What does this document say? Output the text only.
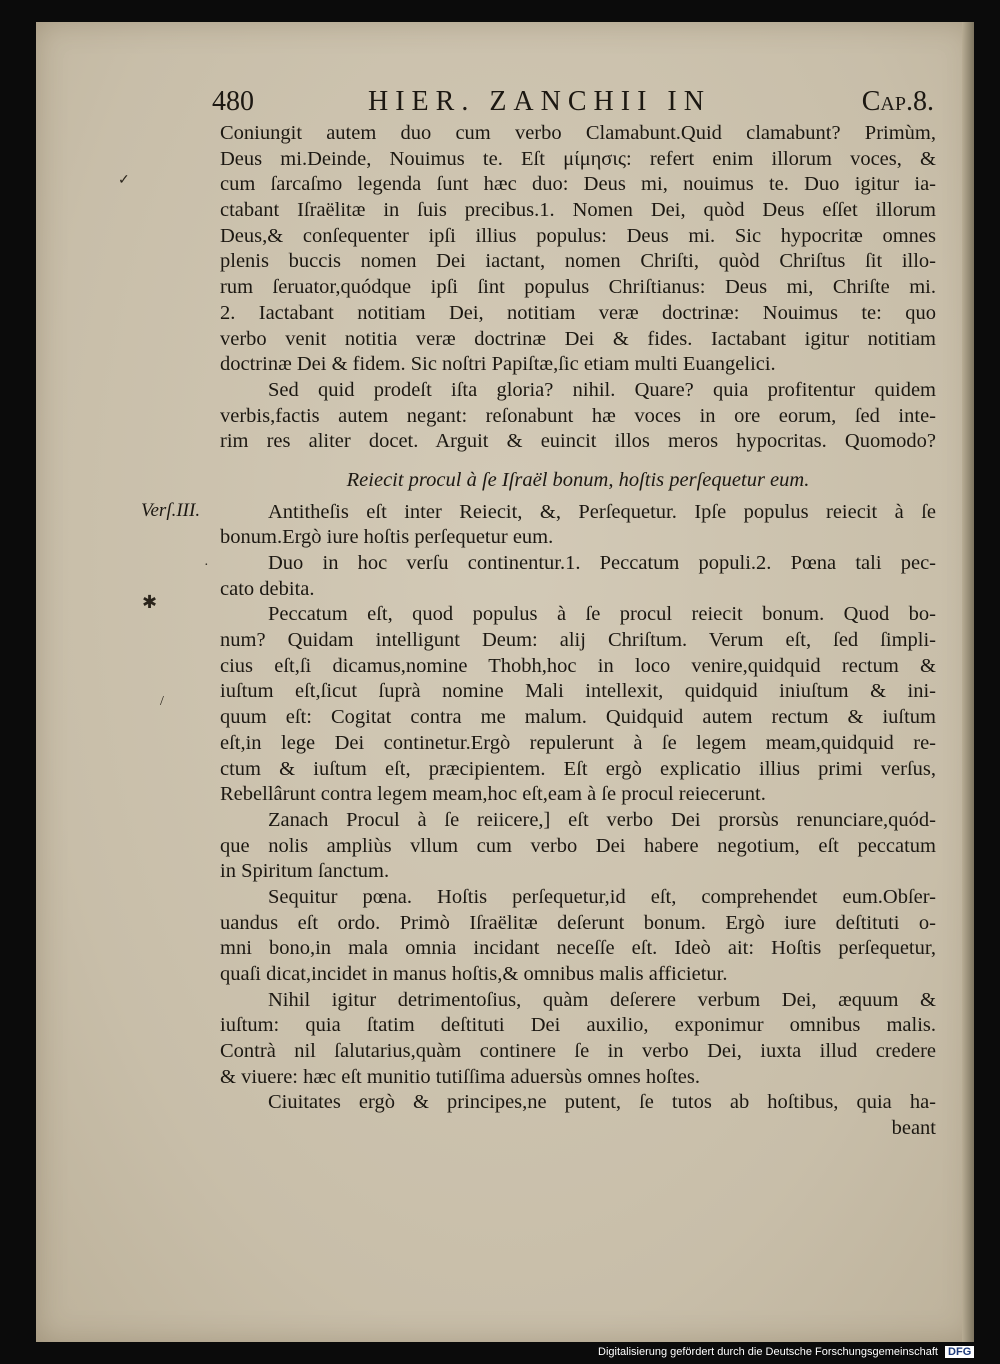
480	HIER. ZANCHII IN	Cap.8.
Verſ.III.
✓
✱
·
/
Coniungit autem duo cum verbo Clamabunt.Quid clamabunt? Primùm,
Deus mi.Deinde, Nouimus te. Eſt μίμησις: refert enim illorum voces, &
cum ſarcaſmo legenda ſunt hæc duo: Deus mi, nouimus te. Duo igitur ia-
ctabant Iſraëlitæ in ſuis precibus.1. Nomen Dei, quòd Deus eſſet illorum
Deus,& conſequenter ipſi illius populus: Deus mi. Sic hypocritæ omnes
plenis buccis nomen Dei iactant, nomen Chriſti, quòd Chriſtus ſit illo-
rum ſeruator,quódque ipſi ſint populus Chriſtianus: Deus mi, Chriſte mi.
2. Iactabant notitiam Dei, notitiam veræ doctrinæ: Nouimus te: quo
verbo venit notitia veræ doctrinæ Dei & fides. Iactabant igitur notitiam
doctrinæ Dei & fidem. Sic noſtri Papiſtæ,ſic etiam multi Euangelici.
Sed quid prodeſt iſta gloria? nihil. Quare? quia profitentur quidem
verbis,factis autem negant: reſonabunt hæ voces in ore eorum, ſed inte-
rim res aliter docet. Arguit & euincit illos meros hypocritas. Quomodo?
Reiecit procul à ſe Iſraël bonum, hoſtis perſequetur eum.
Antitheſis eſt inter Reiecit, &, Perſequetur. Ipſe populus reiecit à ſe
bonum.Ergò iure hoſtis perſequetur eum.
Duo in hoc verſu continentur.1. Peccatum populi.2. Pœna tali pec-
cato debita.
Peccatum eſt, quod populus à ſe procul reiecit bonum. Quod bo-
num? Quidam intelligunt Deum: alij Chriſtum. Verum eſt, ſed ſimpli-
cius eſt,ſi dicamus,nomine Thobh,hoc in loco venire,quidquid rectum &
iuſtum eſt,ſicut ſuprà nomine Mali intellexit, quidquid iniuſtum & ini-
quum eſt: Cogitat contra me malum. Quidquid autem rectum & iuſtum
eſt,in lege Dei continetur.Ergò repulerunt à ſe legem meam,quidquid re-
ctum & iuſtum eſt, præcipientem. Eſt ergò explicatio illius primi verſus,
Rebellârunt contra legem meam,hoc eſt,eam à ſe procul reiecerunt.
Zanach Procul à ſe reiicere,] eſt verbo Dei prorsùs renunciare,quód-
que nolis ampliùs vllum cum verbo Dei habere negotium, eſt peccatum
in Spiritum ſanctum.
Sequitur pœna. Hoſtis perſequetur,id eſt, comprehendet eum.Obſer-
uandus eſt ordo. Primò Iſraëlitæ deſerunt bonum. Ergò iure deſtituti o-
mni bono,in mala omnia incidant neceſſe eſt. Ideò ait: Hoſtis perſequetur,
quaſi dicat,incidet in manus hoſtis,& omnibus malis afficietur.
Nihil igitur detrimentoſius, quàm deſerere verbum Dei, æquum &
iuſtum: quia ſtatim deſtituti Dei auxilio, exponimur omnibus malis.
Contrà nil ſalutarius,quàm continere ſe in verbo Dei, iuxta illud credere
& viuere: hæc eſt munitio tutiſſima aduersùs omnes hoſtes.
Ciuitates ergò & principes,ne putent, ſe tutos ab hoſtibus, quia ha-
beant
Digitalisierung gefördert durch die Deutsche Forschungsgemeinschaft DFG
